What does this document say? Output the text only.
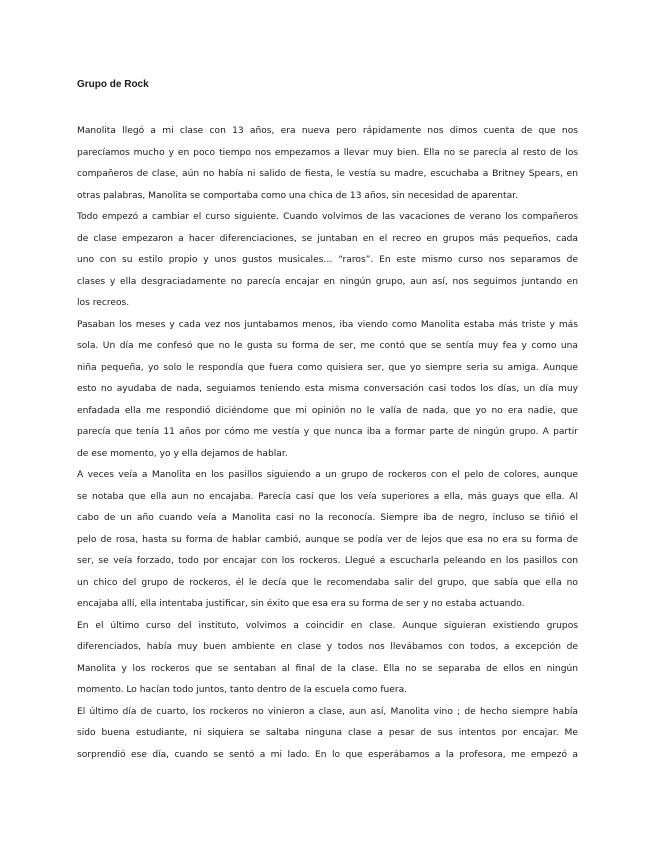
Grupo de Rock
Manolita llegó a mi clase con 13 años, era nueva pero rápidamente nos dimos cuenta de que nos
parecíamos mucho y en poco tiempo nos empezamos a llevar muy bien. Ella no se parecía al resto de los
compañeros de clase, aún no había ni salido de fiesta, le vestía su madre, escuchaba a Britney Spears, en
otras palabras, Manolita se comportaba como una chica de 13 años, sin necesidad de aparentar.
Todo empezó a cambiar el curso siguiente. Cuando volvimos de las vacaciones de verano los compañeros
de clase empezaron a hacer diferenciaciones, se juntaban en el recreo en grupos más pequeños, cada
uno con su estilo propio y unos gustos musicales… “raros”. En este mismo curso nos separamos de
clases y ella desgraciadamente no parecía encajar en ningún grupo, aun así, nos seguimos juntando en
los recreos.
Pasaban los meses y cada vez nos juntabamos menos, iba viendo como Manolita estaba más triste y más
sola. Un día me confesó que no le gusta su forma de ser, me contó que se sentía muy fea y como una
niña pequeña, yo solo le respondía que fuera como quisiera ser, que yo siempre seria su amiga. Aunque
esto no ayudaba de nada, seguiamos teniendo esta misma conversación casi todos los días, un día muy
enfadada ella me respondió diciéndome que mi opinión no le valía de nada, que yo no era nadie, que
parecía que tenía 11 años por cómo me vestía y que nunca iba a formar parte de ningún grupo. A partir
de ese momento, yo y ella dejamos de hablar.
A veces veía a Manolita en los pasillos siguiendo a un grupo de rockeros con el pelo de colores, aunque
se notaba que ella aun no encajaba. Parecía casi que los veía superiores a ella, más guays que ella. Al
cabo de un año cuando veía a Manolita casi no la reconocía. Siempre iba de negro, incluso se tiñió el
pelo de rosa, hasta su forma de hablar cambió, aunque se podía ver de lejos que esa no era su forma de
ser, se veía forzado, todo por encajar con los rockeros. Llegué a escucharla peleando en los pasillos con
un chico del grupo de rockeros, él le decía que le recomendaba salir del grupo, que sabía que ella no
encajaba allí, ella intentaba justificar, sin éxito que esa era su forma de ser y no estaba actuando.
En el último curso del instituto, volvimos a coincidir en clase. Aunque siguieran existiendo grupos
diferenciados, había muy buen ambiente en clase y todos nos llevábamos con todos, a excepción de
Manolita y los rockeros que se sentaban al final de la clase. Ella no se separaba de ellos en ningún
momento. Lo hacían todo juntos, tanto dentro de la escuela como fuera.
El último día de cuarto, los rockeros no vinieron a clase, aun así, Manolita vino ; de hecho siempre había
sido buena estudiante, ni siquiera se saltaba ninguna clase a pesar de sus intentos por encajar. Me
sorprendió ese día, cuando se sentó a mi lado. En lo que esperábamos a la profesora, me empezó a
